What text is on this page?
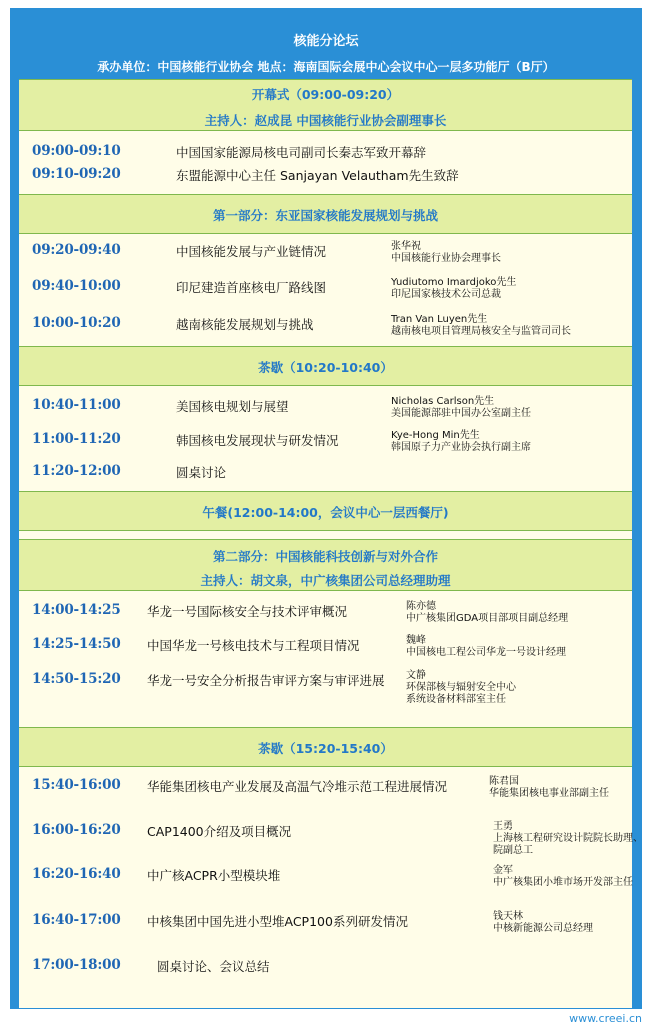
核能分论坛
承办单位：中国核能行业协会 地点：海南国际会展中心会议中心一层多功能厅（B厅）
开幕式（09:00-09:20）
主持人：赵成昆 中国核能行业协会副理事长
09:00-09:10	中国国家能源局核电司副司长秦志军致开幕辞
09:10-09:20	东盟能源中心主任 Sanjayan Velautham先生致辞
第一部分：东亚国家核能发展规划与挑战
09:20-09:40	中国核能发展与产业链情况	张华祝
中国核能行业协会理事长
09:40-10:00	印尼建造首座核电厂路线图	Yudiutomo Imardjoko先生
印尼国家核技术公司总裁
10:00-10:20	越南核能发展规划与挑战	Tran Van Luyen先生
越南核电项目管理局核安全与监管司司长
茶歇（10:20-10:40）
10:40-11:00	美国核电规划与展望	Nicholas Carlson先生
美国能源部驻中国办公室副主任
11:00-11:20	韩国核电发展现状与研发情况	Kye-Hong Min先生
韩国原子力产业协会执行副主席
11:20-12:00	圆桌讨论
午餐(12:00-14:00，会议中心一层西餐厅)
第二部分：中国核能科技创新与对外合作
主持人：胡文泉，中广核集团公司总经理助理
14:00-14:25 华龙一号国际核安全与技术评审概况	陈亦德
中广核集团GDA项目部项目副总经理
14:25-14:50 中国华龙一号核电技术与工程项目情况	魏峰
中国核电工程公司华龙一号设计经理
14:50-15:20 华龙一号安全分析报告审评方案与审评进展 文静
环保部核与辐射安全中心
系统设备材料部室主任
茶歇（15:20-15:40）
15:40-16:00 华能集团核电产业发展及高温气冷堆示范工程进展情况	陈君国
华能集团核电事业部副主任
16:00-16:20 CAP1400介绍及项目概况	王勇
上海核工程研究设计院院长助理、
院副总工
16:20-16:40 中广核ACPR小型模块堆	金军
中广核集团小堆市场开发部主任
16:40-17:00 中核集团中国先进小型堆ACP100系列研发情况	钱天林
中核新能源公司总经理
17:00-18:00	圆桌讨论、会议总结
www.creei.cn
